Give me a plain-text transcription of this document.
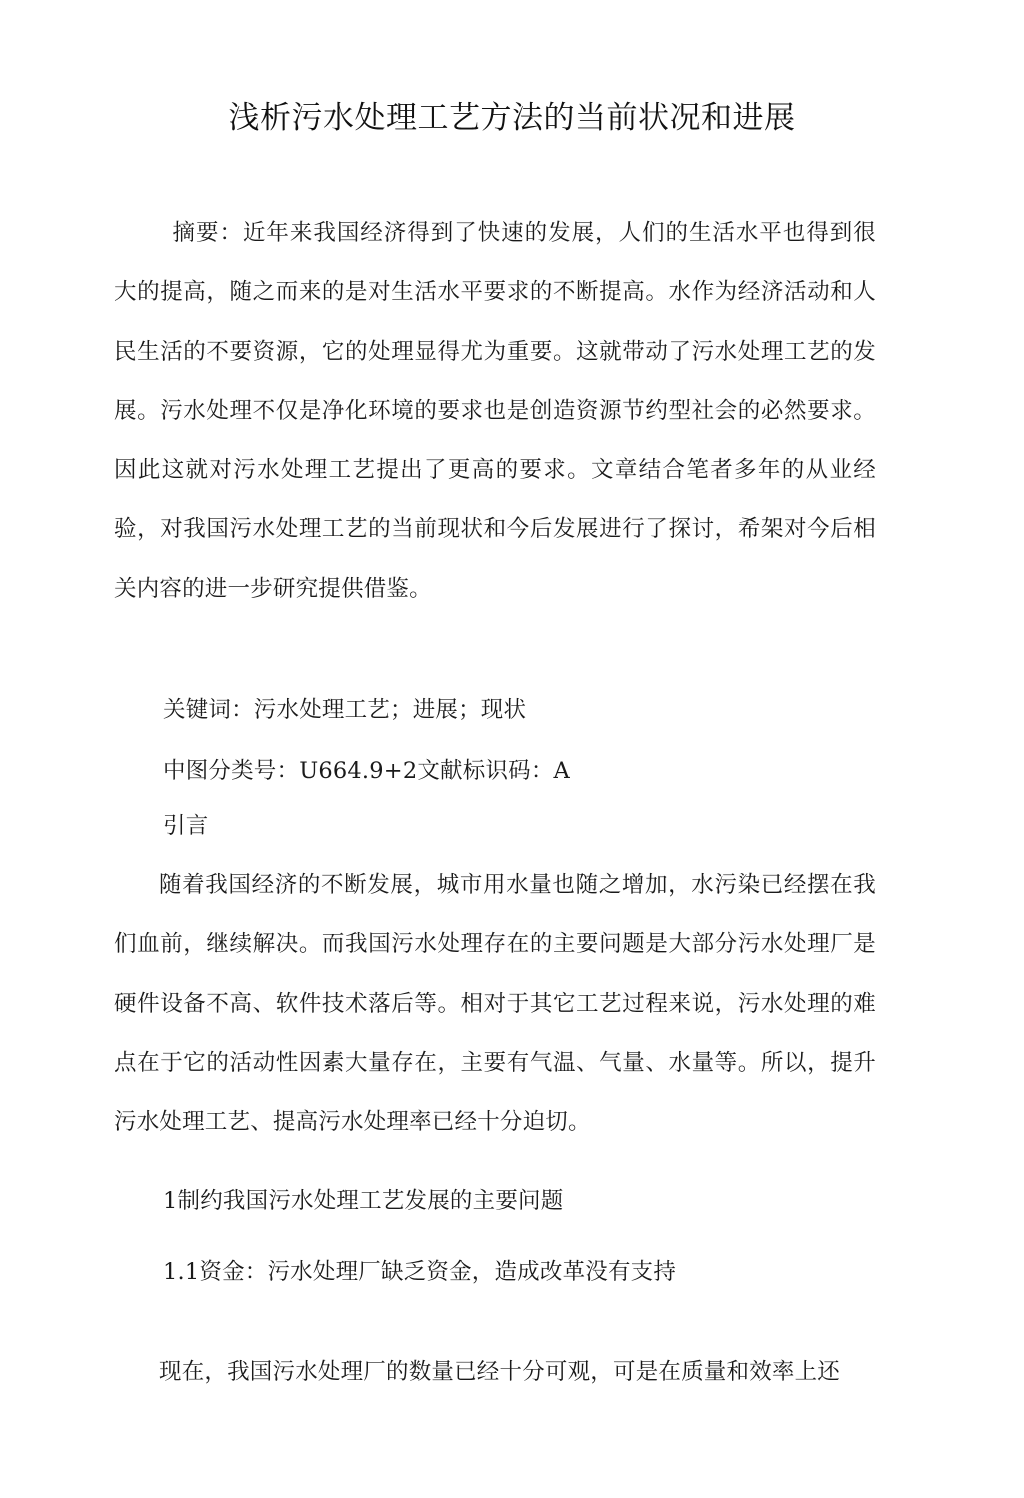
浅析污水处理工艺方法的当前状况和进展
摘要：近年来我国经济得到了快速的发展，人们的生活水平也得到很大的提高，随之而来的是对生活水平要求的不断提高。水作为经济活动和人民生活的不要资源，它的处理显得尤为重要。这就带动了污水处理工艺的发展。污水处理不仅是净化环境的要求也是创造资源节约型社会的必然要求。因此这就对污水处理工艺提出了更高的要求。文章结合笔者多年的从业经验，对我国污水处理工艺的当前现状和今后发展进行了探讨，希架对今后相关内容的进一步研究提供借鉴。
关键词：污水处理工艺；进展；现状
中图分类号：U664.9+2文献标识码：A
引言
随着我国经济的不断发展，城市用水量也随之增加，水污染已经摆在我们血前，继续解决。而我国污水处理存在的主要问题是大部分污水处理厂是硬件设备不高、软件技术落后等。相对于其它工艺过程来说，污水处理的难点在于它的活动性因素大量存在，主要有气温、气量、水量等。所以，提升污水处理工艺、提高污水处理率已经十分迫切。
1制约我国污水处理工艺发展的主要问题
1.1资金：污水处理厂缺乏资金，造成改革没有支持
现在，我国污水处理厂的数量已经十分可观，可是在质量和效率上还
